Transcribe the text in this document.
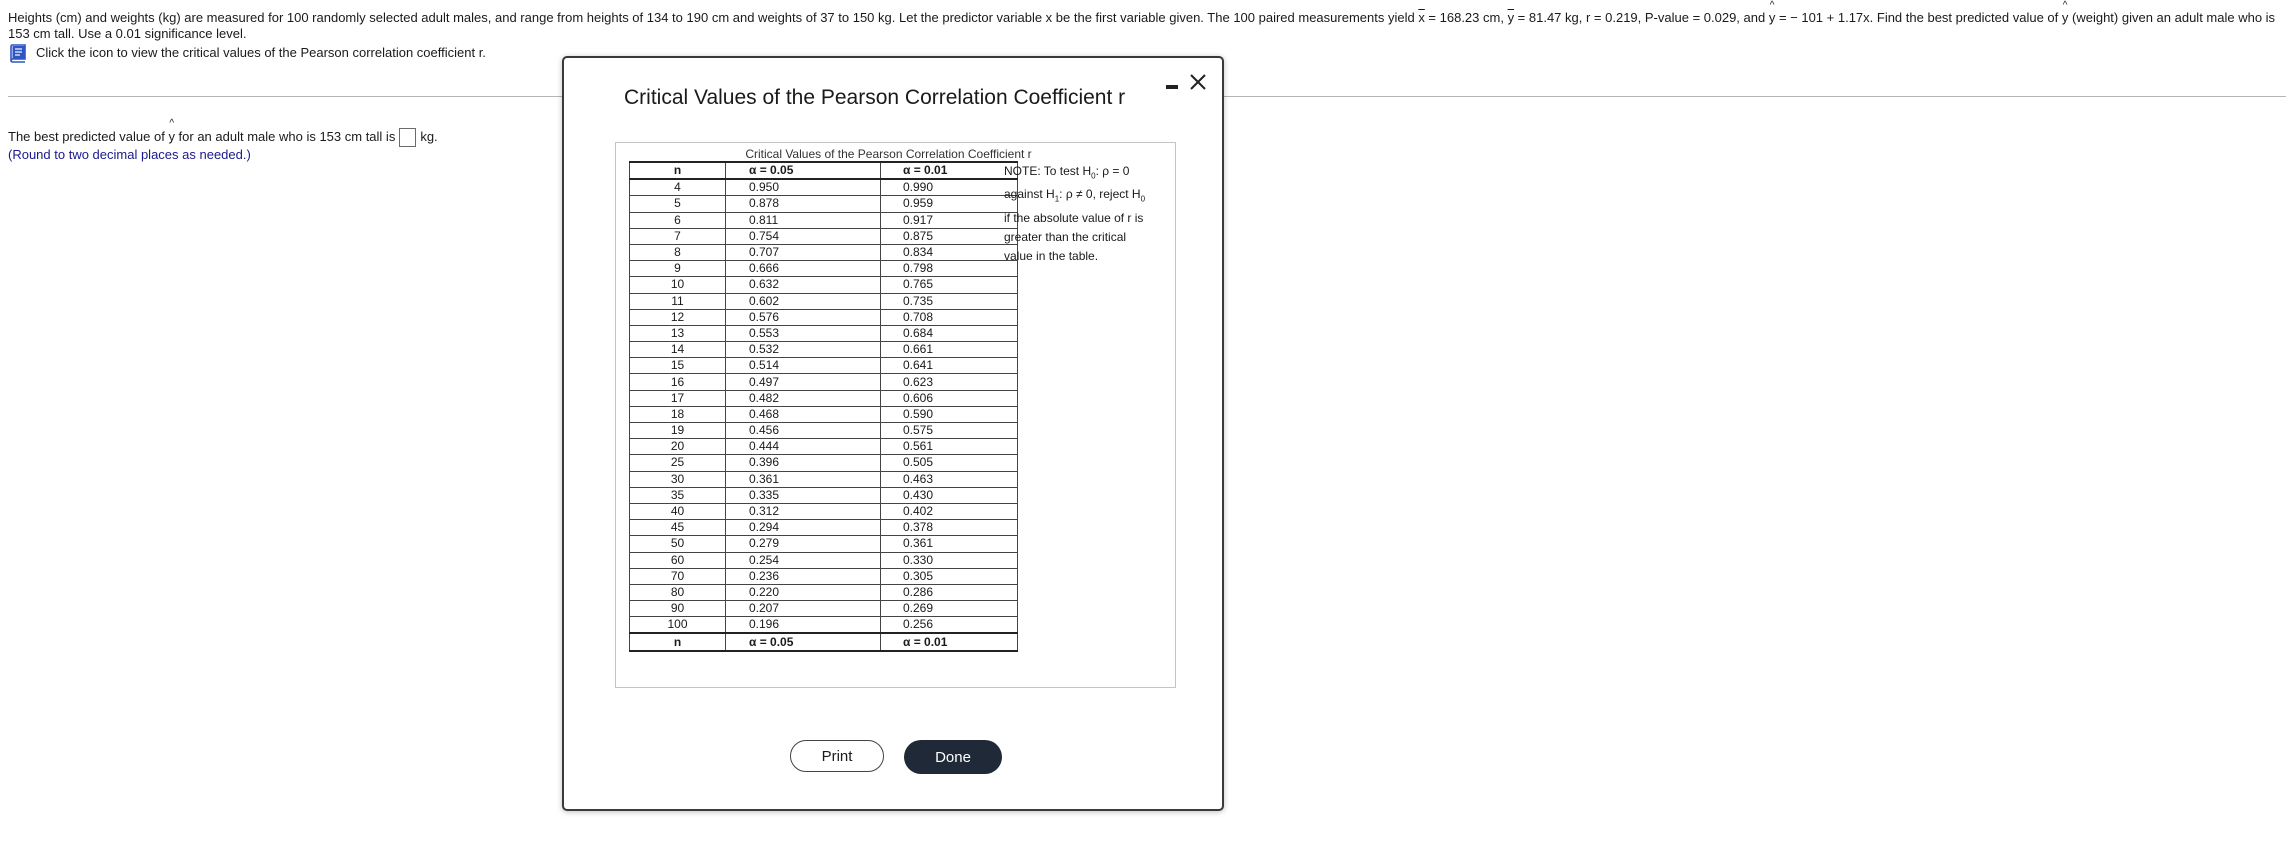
Heights (cm) and weights (kg) are measured for 100 randomly selected adult males, and range from heights of 134 to 190 cm and weights of 37 to 150 kg. Let the predictor variable x be the first variable given. The 100 paired measurements yield $\overline{x} = 168.23$ cm, $\overline{y} = 81.47$ kg, r = 0.219, P-value = 0.029, and
^
y = − 101 + 1.17x. Find the best predicted value of
^
y (weight) given an adult male who is 153 cm tall. Use a 0.01 significance level.

Click the icon to view the critical values of the Pearson correlation coefficient r.
The best predicted value of
^
y for an adult male who is 153 cm tall is kg.
(Round to two decimal places as needed.)
Critical Values of the Pearson Correlation Coefficient r
Critical Values of the Pearson Correlation Coefficient r
n	α = 0.05	α = 0.01
4	0.950	0.990
5	0.878	0.959
6	0.811	0.917
7	0.754	0.875
8	0.707	0.834
9	0.666	0.798
10	0.632	0.765
11	0.602	0.735
12	0.576	0.708
13	0.553	0.684
14	0.532	0.661
15	0.514	0.641
16	0.497	0.623
17	0.482	0.606
18	0.468	0.590
19	0.456	0.575
20	0.444	0.561
25	0.396	0.505
30	0.361	0.463
35	0.335	0.430
40	0.312	0.402
45	0.294	0.378
50	0.279	0.361
60	0.254	0.330
70	0.236	0.305
80	0.220	0.286
90	0.207	0.269
100	0.196	0.256
n	α = 0.05	α = 0.01
NOTE: To test $H_0$: ρ = 0
against $H_1$: ρ ≠ 0, reject $H_0$
if the absolute value of r is
greater than the critical
value in the table.
Print	Done
